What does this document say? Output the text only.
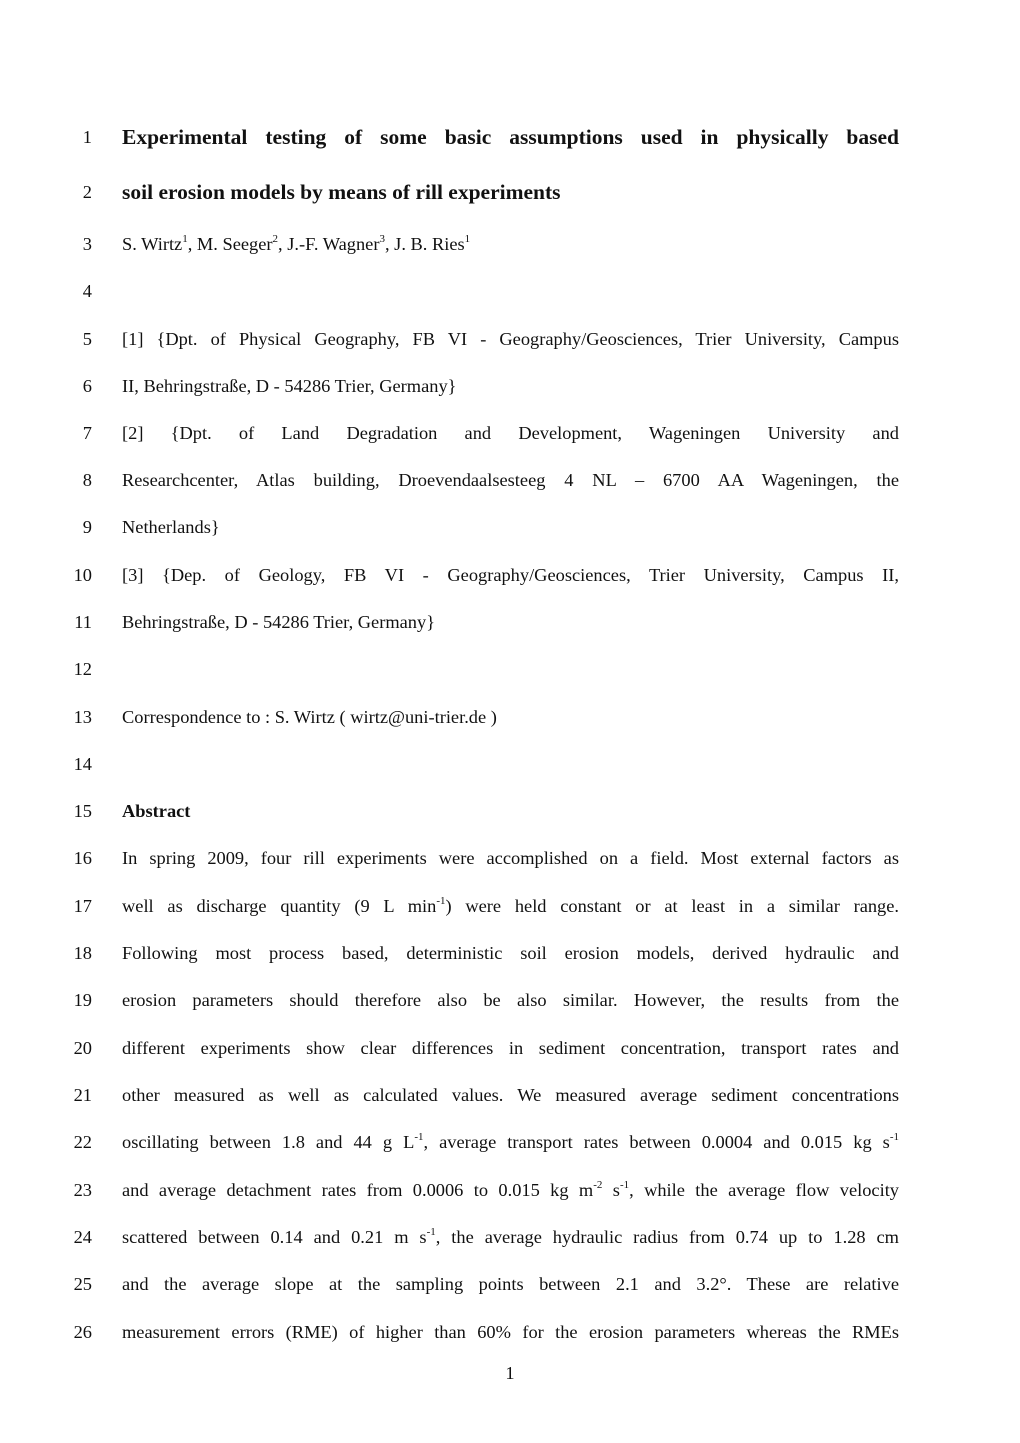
1 Experimental testing of some basic assumptions used in physically based
2 soil erosion models by means of rill experiments
3 S. Wirtz$^1$, M. Seeger$^2$, J.-F. Wagner$^3$, J. B. Ries$^1$
4
5 [1] {Dpt. of Physical Geography, FB VI - Geography/Geosciences, Trier University, Campus
6 II, Behringstraße, D - 54286 Trier, Germany}
7 [2] {Dpt. of Land Degradation and Development, Wageningen University and
8 Researchcenter, Atlas building, Droevendaalsesteeg 4 NL – 6700 AA Wageningen, the
9 Netherlands}
10 [3] {Dep. of Geology, FB VI - Geography/Geosciences, Trier University, Campus II,
11 Behringstraße, D - 54286 Trier, Germany}
12
13 Correspondence to : S. Wirtz ( wirtz@uni-trier.de )
14
15 Abstract
16 In spring 2009, four rill experiments were accomplished on a field. Most external factors as
17 well as discharge quantity (9 L $\min^{-1}$) were held constant or at least in a similar range.
18 Following most process based, deterministic soil erosion models, derived hydraulic and
19 erosion parameters should therefore also be also similar. However, the results from the
20 different experiments show clear differences in sediment concentration, transport rates and
21 other measured as well as calculated values. We measured average sediment concentrations
22 oscillating between 1.8 and 44 g $L^{-1}$, average transport rates between 0.0004 and 0.015 kg $s^{-1}$
23 and average detachment rates from 0.0006 to 0.015 kg $m^{-2}$ $s^{-1}$, while the average flow velocity
24 scattered between 0.14 and 0.21 m $s^{-1}$, the average hydraulic radius from 0.74 up to 1.28 cm
25 and the average slope at the sampling points between 2.1 and 3.2°. These are relative
26 measurement errors (RME) of higher than 60% for the erosion parameters whereas the RMEs
1
